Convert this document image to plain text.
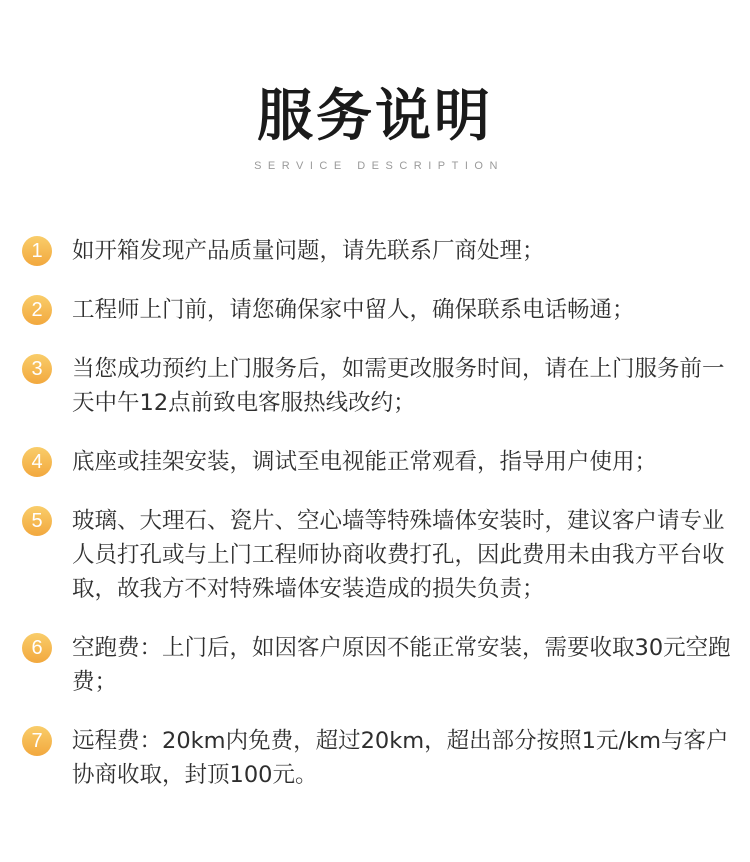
服务说明
SERVICE DESCRIPTION
1	如开箱发现产品质量问题，请先联系厂商处理；
2	工程师上门前，请您确保家中留人，确保联系电话畅通；
3	当您成功预约上门服务后，如需更改服务时间，请在上门服务前一天中午12点前致电客服热线改约；
4	底座或挂架安装，调试至电视能正常观看，指导用户使用；
5	玻璃、大理石、瓷片、空心墙等特殊墙体安装时，建议客户请专业人员打孔或与上门工程师协商收费打孔，因此费用未由我方平台收取，故我方不对特殊墙体安装造成的损失负责；
6	空跑费：上门后，如因客户原因不能正常安装，需要收取30元空跑费；
7	远程费：20km内免费，超过20km，超出部分按照1元/km与客户协商收取，封顶100元。
